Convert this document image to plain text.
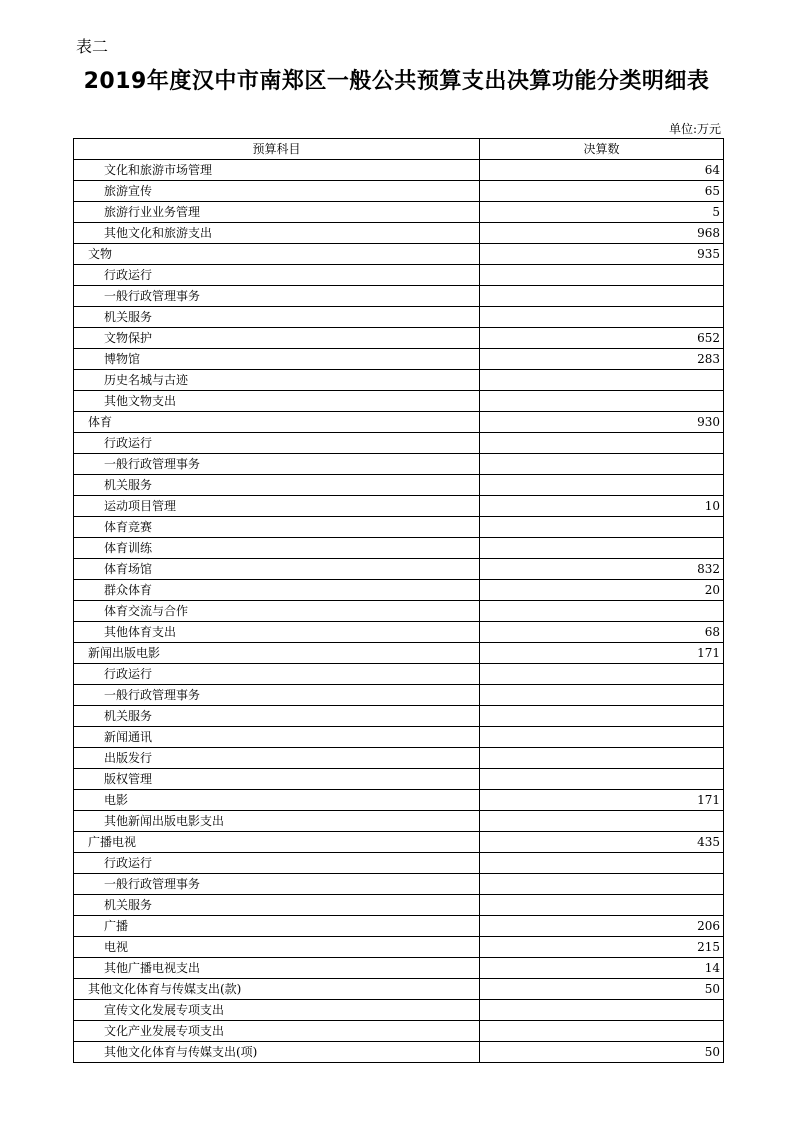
表二
2019年度汉中市南郑区一般公共预算支出决算功能分类明细表
单位:万元
预算科目	决算数
文化和旅游市场管理	64
旅游宣传	65
旅游行业业务管理	5
其他文化和旅游支出	968
文物	935
行政运行	
一般行政管理事务	
机关服务	
文物保护	652
博物馆	283
历史名城与古迹	
其他文物支出	
体育	930
行政运行	
一般行政管理事务	
机关服务	
运动项目管理	10
体育竞赛	
体育训练	
体育场馆	832
群众体育	20
体育交流与合作	
其他体育支出	68
新闻出版电影	171
行政运行	
一般行政管理事务	
机关服务	
新闻通讯	
出版发行	
版权管理	
电影	171
其他新闻出版电影支出	
广播电视	435
行政运行	
一般行政管理事务	
机关服务	
广播	206
电视	215
其他广播电视支出	14
其他文化体育与传媒支出(款)	50
宣传文化发展专项支出	
文化产业发展专项支出	
其他文化体育与传媒支出(项)	50
